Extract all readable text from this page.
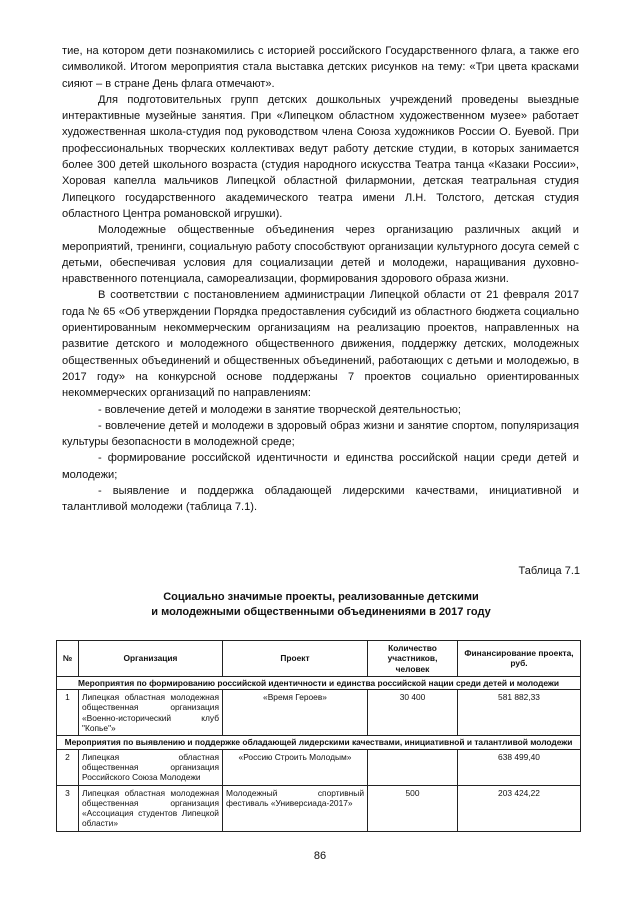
тие, на котором дети познакомились с историей российского Государственного флага, а также его символикой. Итогом мероприятия стала выставка детских рисунков на тему: «Три цвета красками сияют – в стране День флага отмечают».

Для подготовительных групп детских дошкольных учреждений проведены выездные интерактивные музейные занятия. При «Липецком областном художественном музее» работает художественная школа-студия под руководством члена Союза художников России О. Буевой. При профессиональных творческих коллективах ведут работу детские студии, в которых занимается более 300 детей школьного возраста (студия народного искусства Театра танца «Казаки России», Хоровая капелла мальчиков Липецкой областной филармонии, детская театральная студия Липецкого государственного академического театра имени Л.Н. Толстого, детская студия областного Центра романовской игрушки).

Молодежные общественные объединения через организацию различных акций и мероприятий, тренинги, социальную работу способствуют организации культурного досуга семей с детьми, обеспечивая условия для социализации детей и молодежи, наращивания духовно-нравственного потенциала, самореализации, формирования здорового образа жизни.

В соответствии с постановлением администрации Липецкой области от 21 февраля 2017 года № 65 «Об утверждении Порядка предоставления субсидий из областного бюджета социально ориентированным некоммерческим организациям на реализацию проектов, направленных на развитие детского и молодежного общественного движения, поддержку детских, молодежных общественных объединений и общественных объединений, работающих с детьми и молодежью, в 2017 году» на конкурсной основе поддержаны 7 проектов социально ориентированных некоммерческих организаций по направлениям:

- вовлечение детей и молодежи в занятие творческой деятельностью;

- вовлечение детей и молодежи в здоровый образ жизни и занятие спортом, популяризация культуры безопасности в молодежной среде;

- формирование российской идентичности и единства российской нации среди детей и молодежи;

- выявление и поддержка обладающей лидерскими качествами, инициативной и талантливой молодежи (таблица 7.1).

Таблица 7.1
Социально значимые проекты, реализованные детскими
и молодежными общественными объединениями в 2017 году
№	Организация	Проект	Количество участников, человек	Финансирование проекта, руб.
Мероприятия по формированию российской идентичности и единства российской нации среди детей и молодежи				
1	Липецкая областная молодежная общественная организация «Военно-исторический клуб "Копье"»	«Время Героев»	30 400	581 882,33
Мероприятия по выявлению и поддержке обладающей лидерскими качествами, инициативной и талантливой молодежи				
2	Липецкая областная общественная организация Российского Союза Молодежи	«Россию Строить Молодым»		638 499,40
3	Липецкая областная молодежная общественная организация «Ассоциация студентов Липецкой области»	Молодежный спортивный фестиваль «Универсиада-2017»	500	203 424,22
86
